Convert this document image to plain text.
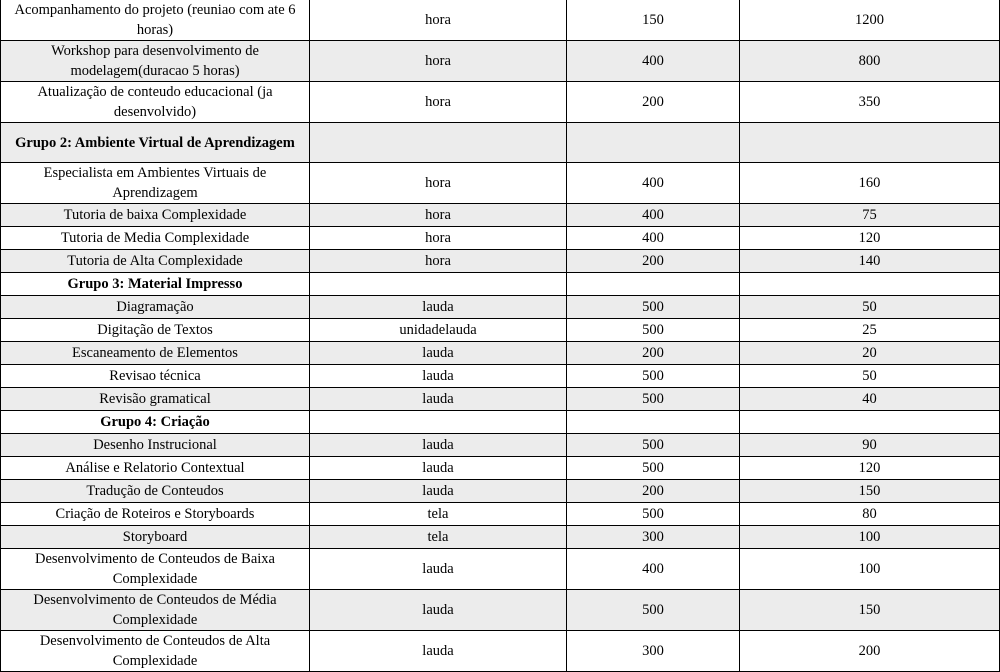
Acompanhamento do projeto (reuniao com ate 6 horas)	hora	150	1200
Workshop para desenvolvimento de modelagem(duracao 5 horas)	hora	400	800
Atualização de conteudo educacional (ja desenvolvido)	hora	200	350
Grupo 2: Ambiente Virtual de Aprendizagem			
Especialista em Ambientes Virtuais de Aprendizagem	hora	400	160
Tutoria de baixa Complexidade	hora	400	75
Tutoria de Media Complexidade	hora	400	120
Tutoria de Alta Complexidade	hora	200	140
Grupo 3: Material Impresso			
Diagramação	lauda	500	50
Digitação de Textos	unidadelauda	500	25
Escaneamento de Elementos	lauda	200	20
Revisao técnica	lauda	500	50
Revisão gramatical	lauda	500	40
Grupo 4: Criação			
Desenho Instrucional	lauda	500	90
Análise e Relatorio Contextual	lauda	500	120
Tradução de Conteudos	lauda	200	150
Criação de Roteiros e Storyboards	tela	500	80
Storyboard	tela	300	100
Desenvolvimento de Conteudos de Baixa Complexidade	lauda	400	100
Desenvolvimento de Conteudos de Média Complexidade	lauda	500	150
Desenvolvimento de Conteudos de Alta Complexidade	lauda	300	200
